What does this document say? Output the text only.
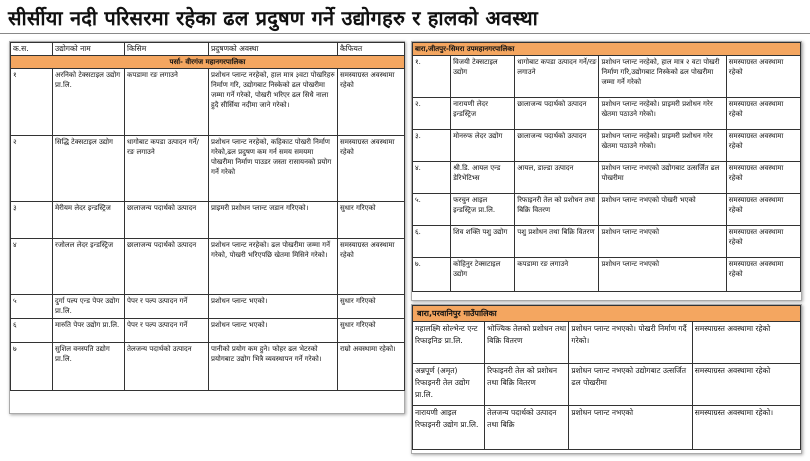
सीर्सीया नदी परिसरमा रहेका ढल प्रदुषण गर्ने उद्योगहरु र हालको अवस्था
क.स.	उद्योगको नाम	किसिम	प्रदुषणको अवस्था	कैफियत
पर्सा- वीरगंज महानगरपालिका				
१	अरनिको टेक्सटाइल उद्योग प्रा.लि.	कपडामा रङ लगाउने	प्रशोधन प्लान्ट नरहेको, हाल मात्र ३वटा पोखरिहरु निर्माण गरि, उद्योगबाट निस्केको ढल पोखरीमा जम्मा गर्ने गरेको, पोखरी भरिएर ढल सिधै नाला हुदै सीर्सिया नदीमा जाने गरेको।	समस्याग्रस्त अवस्थामा रहेको
२	सिद्धि टेक्सटाइल उद्योग	धागोबाट कपडा उत्पादन गर्ने/रङ लगाउने	प्रशोधन प्लान्ट नरहेको, कहिकाट पोखरी निर्माण गरेको,ढल प्रदुषण कम गर्न समय समयमा पोखरीमा निर्माण पाउडर जस्ता रासायनको प्रयोग गर्ने गरेको	समस्याग्रस्त अवस्थामा रहेको
३	मेरीयम लेदर इन्डस्ट्रिज	छालाजन्य पदार्थको उत्पादन	प्राइमरी प्रशोधन प्लान्ट जडान गरिएको।	सुधार गरिएको
४	रजोलल लेदर इन्डस्ट्रिज	छालाजन्य पदार्थको उत्पादन	प्रशोधन प्लान्ट नरहेको। ढल पोखरीमा जम्मा गर्ने गरेको, पोखरी भरिएपछि खेतमा मिसिने गरेको।	समस्याग्रस्त अवस्थामा रहेको
५	दुर्गा पल्प एन्ड पेपर उद्योग प्रा.लि.	पेपर र पल्प उत्पादन गर्ने	प्रशोधन प्लान्ट भएको।	सुधार गरिएको
६	मारुति पेपर उद्योग प्रा.लि.	पेपर र पल्प उत्पादन गर्ने	प्रशोधन प्लान्ट भएको।	सुधार गरिएको
७	सुशिल वनस्पति उद्योग प्रा.लि.	तेलजन्य पदार्थको उत्पादन	पानीको प्रयोग कम हुने। फोहर ढल भेटरको प्रयोगबाट उद्योग भित्रै व्यवस्थापन गर्ने गरेको।	राम्रो अवस्थामा रहेको।
बारा,जीतपुर-सिमरा उपमहानगरपालिका				
१.	विजयी टेक्सटाइल उद्योग	धागोबाट कपडा उत्पादन गर्ने/रङ लगाउने	प्रशोधन प्लान्ट नरहेको, हाल मात्र २ वटा पोखरी निर्माण गरि,उद्योगबाट निस्केको ढल पोखरीमा जम्मा गर्ने गरेको	समस्याग्रस्त अवस्थामा रहेको
२.	नारायणी लेदर इन्डस्ट्रिज	छालाजन्य पदार्थको उत्पादन	प्रशोधन प्लान्ट नरहेको। प्राइमरी प्रशोधन गरेर खेतमा पठाउने गरेको।	समस्याग्रस्त अवस्थामा रहेको
३.	मोनरुफ लेदर उद्योग	छालाजन्य पदार्थको उत्पादन	प्रशोधन प्लान्ट नरहेको। प्राइमरी प्रशोधन गरेर खेतमा पठाउने गरेको।	समस्याग्रस्त अवस्थामा रहेको
४.	श्री.डि. आयल एन्ड डेरिभेटिभ्स	आयल, डाल्डा उत्पादन	प्रशोधन प्लान्ट नभएको उद्योगबाट उत्सर्जित ढल पोखरीमा	समस्याग्रस्त अवस्थामा रहेको
५.	फरचुन आइल इन्डस्ट्रिज प्रा.लि.	रिफाइनरी तेल को प्रशोधन तथा बिक्रि वितरण	प्रशोधन प्लान्ट नभएको पोखरी भएको	समस्याग्रस्त अवस्थामा रहेको
६.	शिव शक्ति पशु उद्योग	पशु प्रशोधन तथा बिक्रि वितरण	प्रशोधन प्लान्ट नभएको	समस्याग्रस्त अवस्थामा रहेको
७.	कोहिनुर टेक्सटाइल उद्योग	कपडामा रङ लगाउने	प्रशोधन प्लान्ट नभएको	समस्याग्रस्त अवस्थामा रहेको
बारा,परवानिपुर गाउँपालिका
महालक्ष्मि सोल्भेन्ट एन्ट रिफाइनिङ प्रा.लि.	भोज्यिक तेलको प्रशोधन तथा बिक्रि वितरण	प्रशोधन प्लान्ट नभएको। पोखरी निर्माण गर्दै गरेको।	समस्याग्रस्त अवस्थामा रहेको
अन्नपूर्ण (अमृत) रिफाइनरी तेल उद्योग प्रा.लि.	रिफाइनरी तेल को प्रशोधन तथा बिक्रि वितरण	प्रशोधन प्लान्ट नभएको उद्योगबाट उत्सर्जित ढल पोखरीमा	समस्याग्रस्त अवस्थामा रहेको
नारायणी आइल रिफाइनरी उद्योग प्रा.लि.	तेलजन्य पदार्थको उत्पादन तथा बिक्रि	प्रशोधन प्लान्ट नभएको	समस्याग्रस्त अवस्थामा रहेको।
